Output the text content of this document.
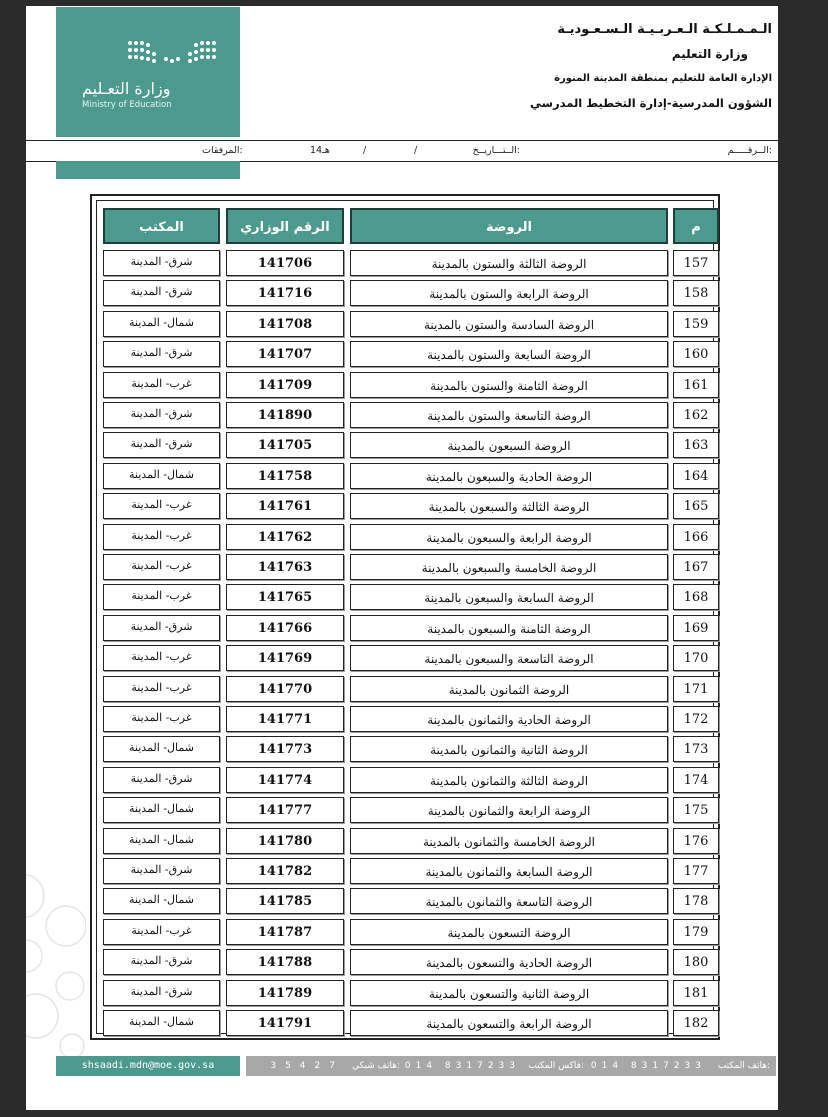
وزارة التعـليم
Ministry of Education
الـمـمـلـكـة الـعـربـيـة الـسـعـوديـة
وزارة التعليم
الإدارة العامة للتعليم بمنطقة المدينة المنورة
الشؤون المدرسية-إدارة التخطيط المدرسي
الــرقـــــم:
الــتـــاريــخ:
/
/
14هـ
المرفقات:
م
الروضة
الرقم الوزاري
المكتب
157
الروضة الثالثة والستون بالمدينة
141706
شرق- المدينة
158
الروضة الرابعة والستون بالمدينة
141716
شرق- المدينة
159
الروضة السادسة والستون بالمدينة
141708
شمال- المدينة
160
الروضة السابعة والستون بالمدينة
141707
شرق- المدينة
161
الروضة الثامنة والستون بالمدينة
141709
غرب- المدينة
162
الروضة التاسعة والستون بالمدينة
141890
شرق- المدينة
163
الروضة السبعون بالمدينة
141705
شرق- المدينة
164
الروضة الحادية والسبعون بالمدينة
141758
شمال- المدينة
165
الروضة الثالثة والسبعون بالمدينة
141761
غرب- المدينة
166
الروضة الرابعة والسبعون بالمدينة
141762
غرب- المدينة
167
الروضة الخامسة والسبعون بالمدينة
141763
غرب- المدينة
168
الروضة السابعة والسبعون بالمدينة
141765
غرب- المدينة
169
الروضة الثامنة والسبعون بالمدينة
141766
شرق- المدينة
170
الروضة التاسعة والسبعون بالمدينة
141769
غرب- المدينة
171
الروضة الثمانون بالمدينة
141770
غرب- المدينة
172
الروضة الحادية والثمانون بالمدينة
141771
غرب- المدينة
173
الروضة الثانية والثمانون بالمدينة
141773
شمال- المدينة
174
الروضة الثالثة والثمانون بالمدينة
141774
شرق- المدينة
175
الروضة الرابعة والثمانون بالمدينة
141777
شمال- المدينة
176
الروضة الخامسة والثمانون بالمدينة
141780
شمال- المدينة
177
الروضة السابعة والثمانون بالمدينة
141782
شرق- المدينة
178
الروضة التاسعة والثمانون بالمدينة
141785
شمال- المدينة
179
الروضة التسعون بالمدينة
141787
غرب- المدينة
180
الروضة الحادية والتسعون بالمدينة
141788
شرق- المدينة
181
الروضة الثانية والتسعون بالمدينة
141789
شرق- المدينة
182
الروضة الرابعة والتسعون بالمدينة
141791
شمال- المدينة
shsaadi.mdn@moe.gov.sa	هاتف المكتب:
014 8317233
فاكس المكتب:
014 8317233
هاتف شبكي:
35427
